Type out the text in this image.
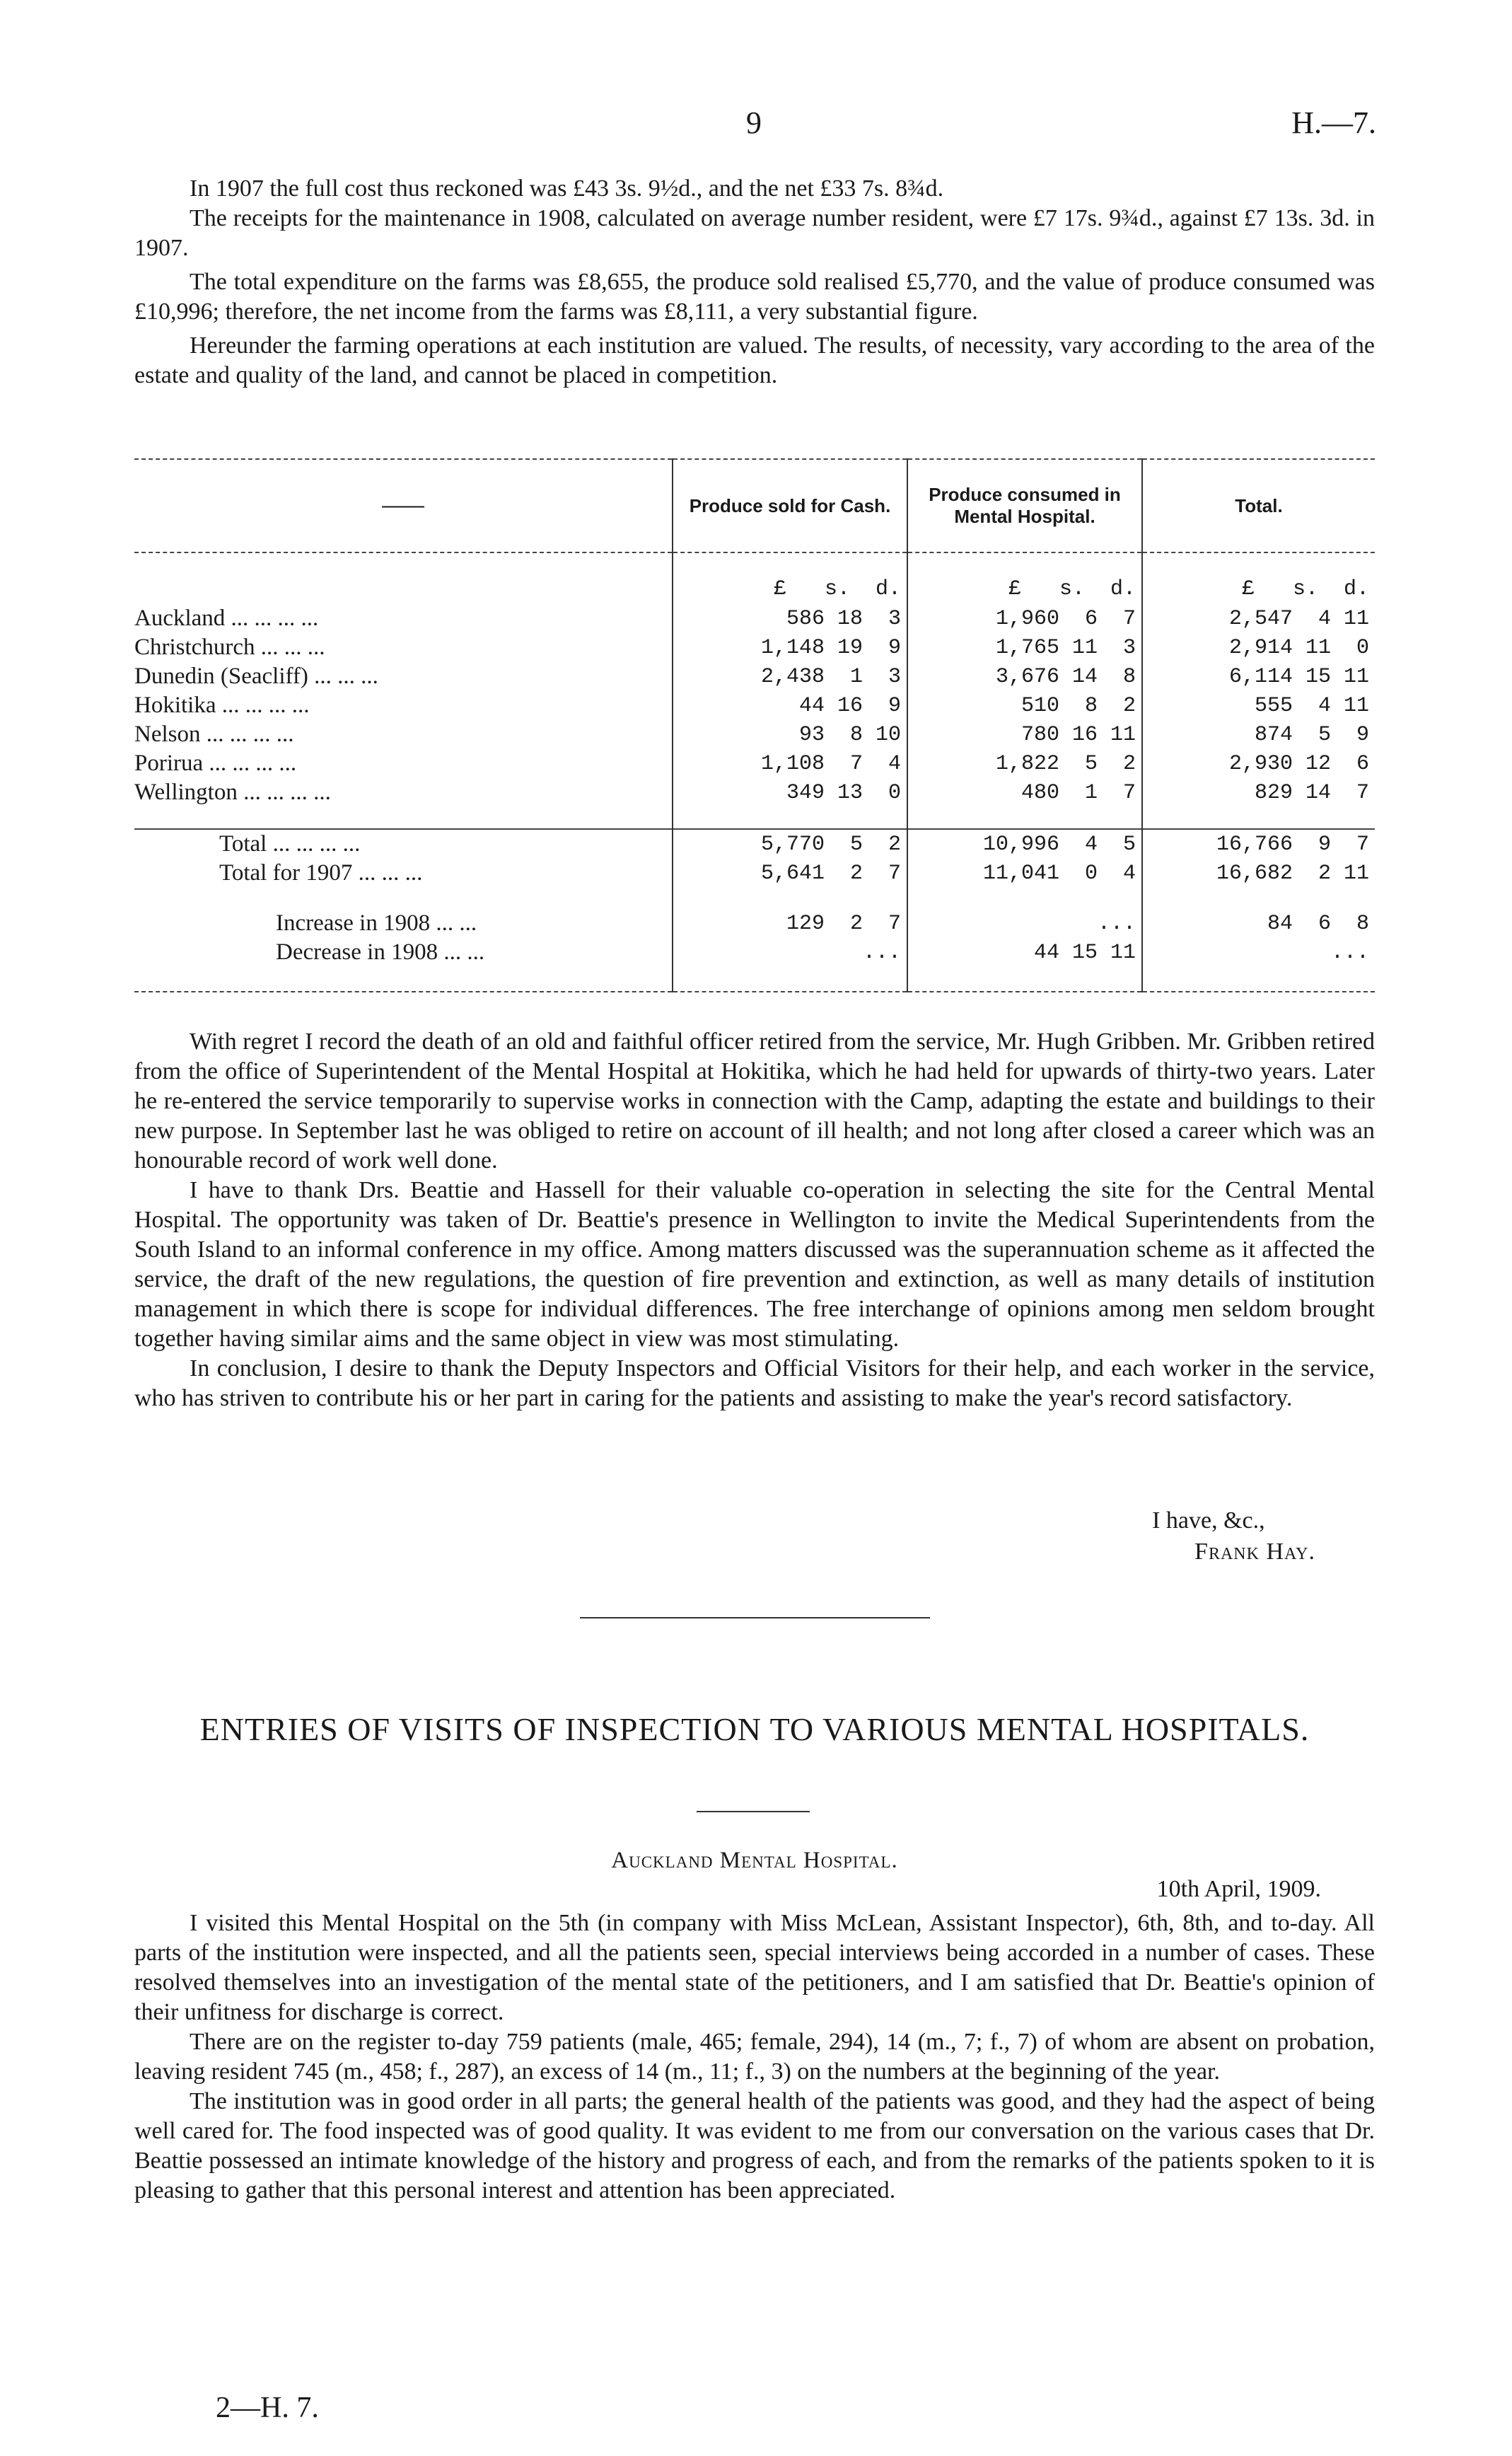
9	H.—7.

In 1907 the full cost thus reckoned was £43 3s. 9½d., and the net £33 7s. 8¾d.

The receipts for the maintenance in 1908, calculated on average number resident, were £7 17s. 9¾d., against £7 13s. 3d. in 1907.

The total expenditure on the farms was £8,655, the produce sold realised £5,770, and the value of produce consumed was £10,996; therefore, the net income from the farms was £8,111, a very substantial figure.

Hereunder the farming operations at each institution are valued. The results, of necessity, vary according to the area of the estate and quality of the land, and cannot be placed in competition.

——	Produce sold for Cash.	Produce consumed in Mental Hospital.	Total.

	£   s.  d.	£   s.  d.	£   s.  d.
Auckland ... ... ... ...	586 18  3	1,960  6  7	2,547  4 11
Christchurch ... ... ...	1,148 19  9	1,765 11  3	2,914 11  0
Dunedin (Seacliff) ... ... ...	2,438  1  3	3,676 14  8	6,114 15 11
Hokitika ... ... ... ...	44 16  9	510  8  2	555  4 11
Nelson ... ... ... ...	93  8 10	780 16 11	874  5  9
Porirua ... ... ... ...	1,108  7  4	1,822  5  2	2,930 12  6
Wellington ... ... ... ...	349 13  0	480  1  7	829 14  7

Total ... ... ... ...	5,770  5  2	10,996  4  5	16,766  9  7
Total for 1907 ... ... ...	5,641  2  7	11,041  0  4	16,682  2 11

Increase in 1908 ... ...	129  2  7	...	84  6  8
Decrease in 1908 ... ...	...	44 15 11	...

With regret I record the death of an old and faithful officer retired from the service, Mr. Hugh Gribben. Mr. Gribben retired from the office of Superintendent of the Mental Hospital at Hokitika, which he had held for upwards of thirty-two years. Later he re-entered the service temporarily to supervise works in connection with the Camp, adapting the estate and buildings to their new purpose. In September last he was obliged to retire on account of ill health; and not long after closed a career which was an honourable record of work well done.

I have to thank Drs. Beattie and Hassell for their valuable co-operation in selecting the site for the Central Mental Hospital. The opportunity was taken of Dr. Beattie's presence in Wellington to invite the Medical Superintendents from the South Island to an informal conference in my office. Among matters discussed was the superannuation scheme as it affected the service, the draft of the new regulations, the question of fire prevention and extinction, as well as many details of institution management in which there is scope for individual differences. The free interchange of opinions among men seldom brought together having similar aims and the same object in view was most stimulating.

In conclusion, I desire to thank the Deputy Inspectors and Official Visitors for their help, and each worker in the service, who has striven to contribute his or her part in caring for the patients and assisting to make the year's record satisfactory.

I have, &c.,
Frank Hay.
ENTRIES OF VISITS OF INSPECTION TO VARIOUS MENTAL HOSPITALS.
Auckland Mental Hospital.
10th April, 1909.

I visited this Mental Hospital on the 5th (in company with Miss McLean, Assistant Inspector), 6th, 8th, and to-day. All parts of the institution were inspected, and all the patients seen, special interviews being accorded in a number of cases. These resolved themselves into an investigation of the mental state of the petitioners, and I am satisfied that Dr. Beattie's opinion of their unfitness for discharge is correct.

There are on the register to-day 759 patients (male, 465; female, 294), 14 (m., 7; f., 7) of whom are absent on probation, leaving resident 745 (m., 458; f., 287), an excess of 14 (m., 11; f., 3) on the numbers at the beginning of the year.

The institution was in good order in all parts; the general health of the patients was good, and they had the aspect of being well cared for. The food inspected was of good quality. It was evident to me from our conversation on the various cases that Dr. Beattie possessed an intimate knowledge of the history and progress of each, and from the remarks of the patients spoken to it is pleasing to gather that this personal interest and attention has been appreciated.

2—H. 7.
